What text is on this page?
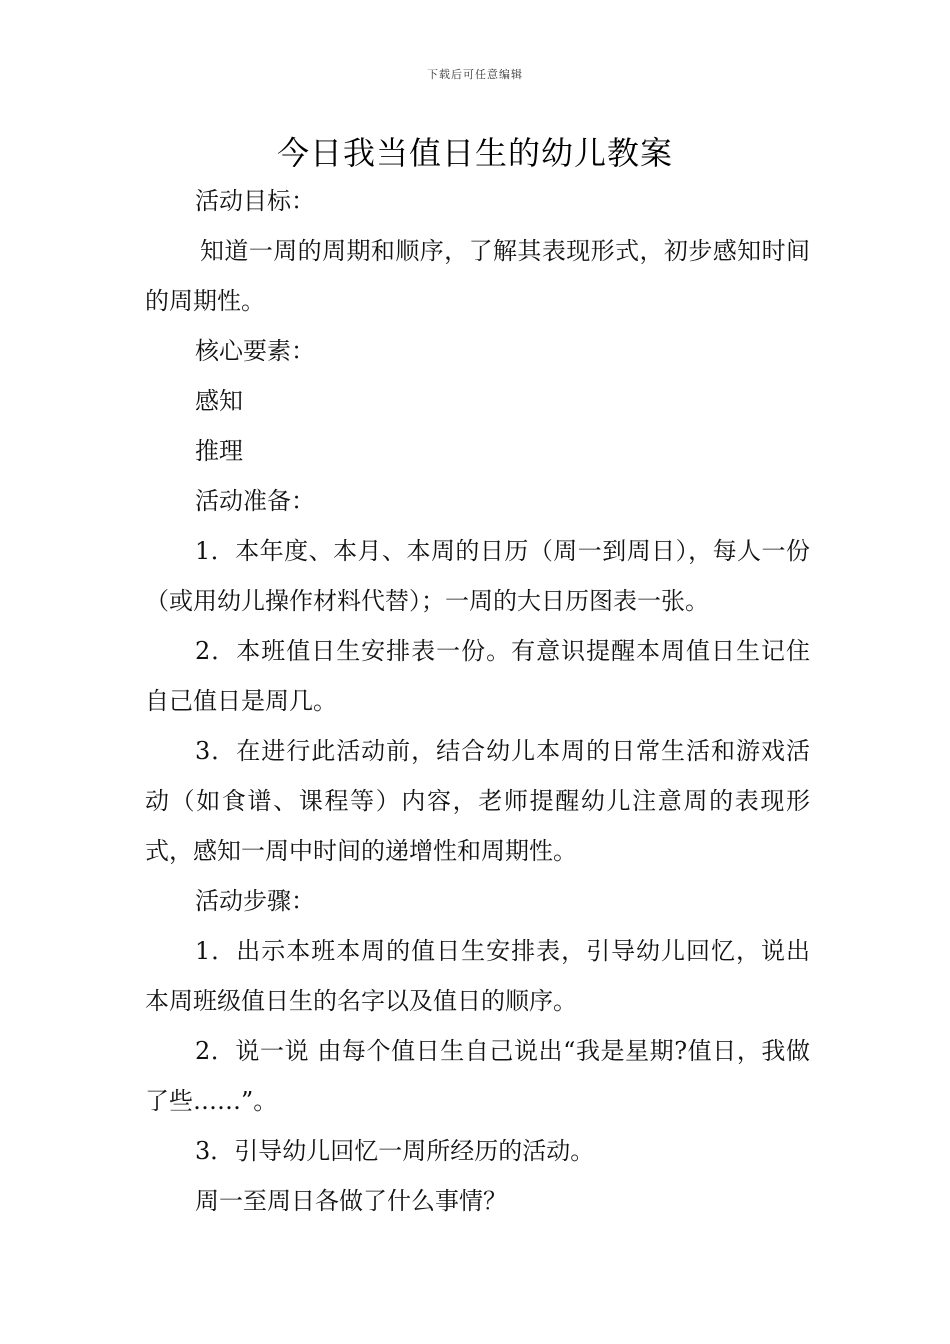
下载后可任意编辑
今日我当值日生的幼儿教案

活动目标：

知道一周的周期和顺序，了解其表现形式，初步感知时间的周期性。

核心要素：

感知

推理

活动准备：

1．本年度、本月、本周的日历（周一到周日），每人一份（或用幼儿操作材料代替）；一周的大日历图表一张。

2．本班值日生安排表一份。有意识提醒本周值日生记住自己值日是周几。

3．在进行此活动前，结合幼儿本周的日常生活和游戏活动（如食谱、课程等）内容，老师提醒幼儿注意周的表现形式，感知一周中时间的递增性和周期性。

活动步骤：

1．出示本班本周的值日生安排表，引导幼儿回忆，说出本周班级值日生的名字以及值日的顺序。

2．说一说 由每个值日生自己说出“我是星期?值日，我做了些……”。

3．引导幼儿回忆一周所经历的活动。

周一至周日各做了什么事情？
